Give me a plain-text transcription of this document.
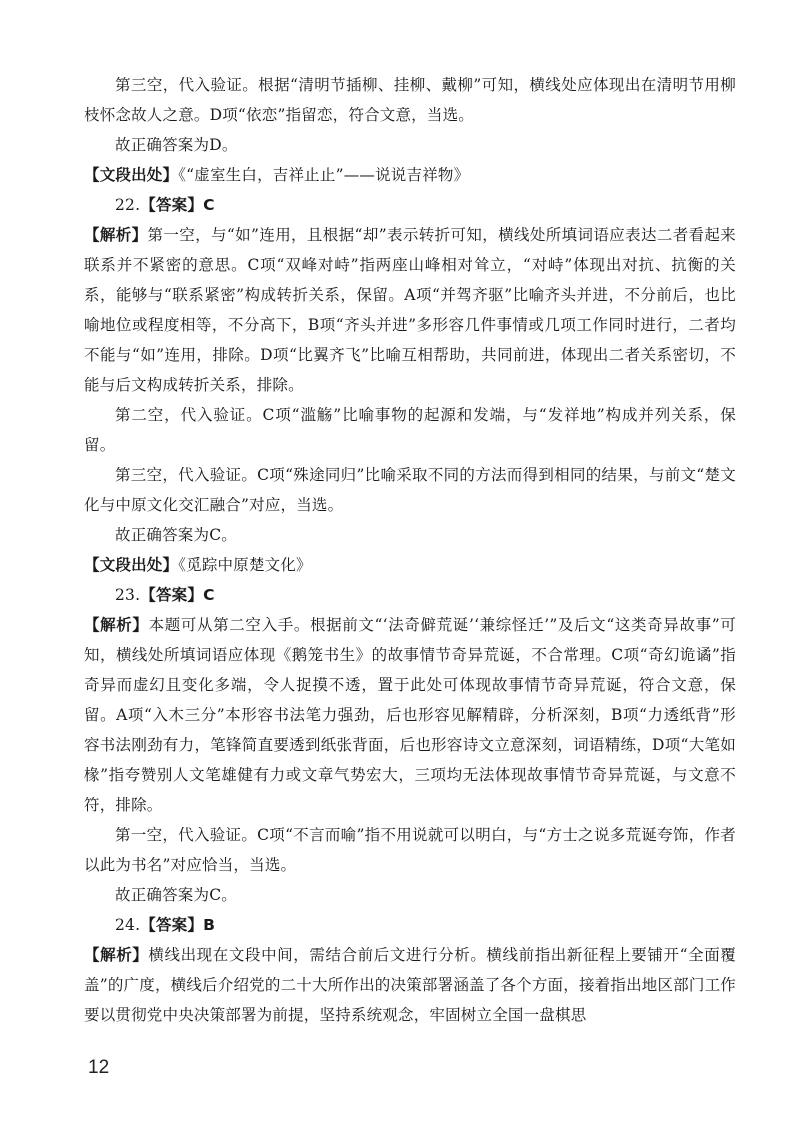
第三空，代入验证。根据“清明节插柳、挂柳、戴柳”可知，横线处应体现出在清明节用柳枝怀念故人之意。D项“依恋”指留恋，符合文意，当选。

故正确答案为D。

【文段出处】《“虚室生白，吉祥止止”——说说吉祥物》

22.【答案】C

【解析】第一空，与“如”连用，且根据“却”表示转折可知，横线处所填词语应表达二者看起来联系并不紧密的意思。C项“双峰对峙”指两座山峰相对耸立，“对峙”体现出对抗、抗衡的关系，能够与“联系紧密”构成转折关系，保留。A项“并驾齐驱”比喻齐头并进，不分前后，也比喻地位或程度相等，不分高下，B项“齐头并进”多形容几件事情或几项工作同时进行，二者均不能与“如”连用，排除。D项“比翼齐飞”比喻互相帮助，共同前进，体现出二者关系密切，不能与后文构成转折关系，排除。

第二空，代入验证。C项“滥觞”比喻事物的起源和发端，与“发祥地”构成并列关系，保留。

第三空，代入验证。C项“殊途同归”比喻采取不同的方法而得到相同的结果，与前文“楚文化与中原文化交汇融合”对应，当选。

故正确答案为C。

【文段出处】《觅踪中原楚文化》

23.【答案】C

【解析】本题可从第二空入手。根据前文“‘法奇僻荒诞’‘兼综怪迁’”及后文“这类奇异故事”可知，横线处所填词语应体现《鹅笼书生》的故事情节奇异荒诞，不合常理。C项“奇幻诡谲”指奇异而虚幻且变化多端，令人捉摸不透，置于此处可体现故事情节奇异荒诞，符合文意，保留。A项“入木三分”本形容书法笔力强劲，后也形容见解精辟，分析深刻，B项“力透纸背”形容书法刚劲有力，笔锋简直要透到纸张背面，后也形容诗文立意深刻，词语精练，D项“大笔如椽”指夸赞别人文笔雄健有力或文章气势宏大，三项均无法体现故事情节奇异荒诞，与文意不符，排除。

第一空，代入验证。C项“不言而喻”指不用说就可以明白，与“方士之说多荒诞夸饰，作者以此为书名”对应恰当，当选。

故正确答案为C。

24.【答案】B

【解析】横线出现在文段中间，需结合前后文进行分析。横线前指出新征程上要铺开“全面覆盖”的广度，横线后介绍党的二十大所作出的决策部署涵盖了各个方面，接着指出地区部门工作要以贯彻党中央决策部署为前提，坚持系统观念，牢固树立全国一盘棋思

12
